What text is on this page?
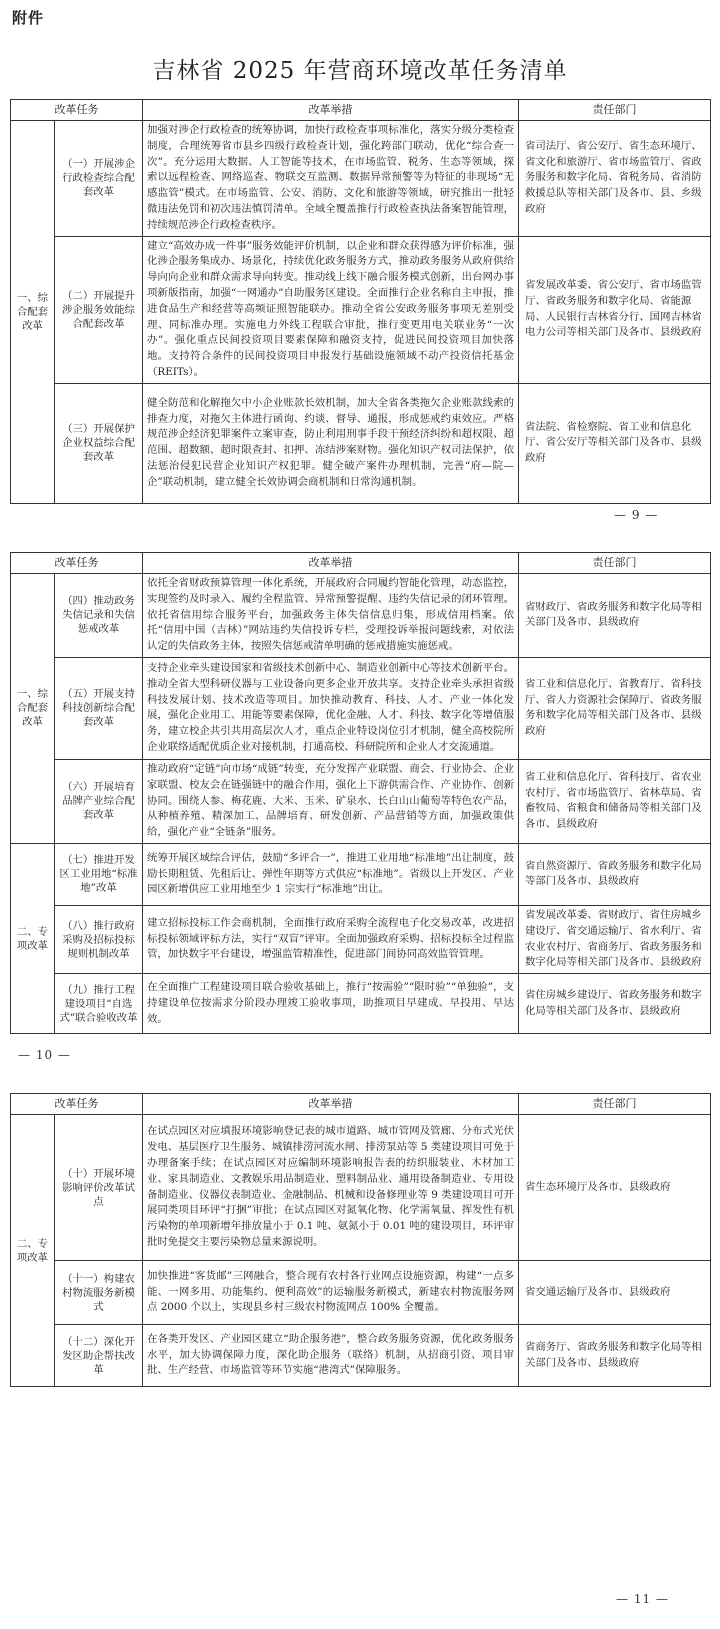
附件
吉林省 2025 年营商环境改革任务清单
改革任务		改革举措	责任部门
一、综合配套改革	（一）开展涉企行政检查综合配套改革	加强对涉企行政检查的统筹协调，加快行政检查事项标准化，落实分级分类检查制度，合理统筹省市县乡四级行政检查计划，强化跨部门联动，优化“综合查一次”。充分运用大数据、人工智能等技术，在市场监管、税务、生态等领域，探索以远程检查、网络巡查、物联交互监测、数据异常预警等为特征的非现场“无感监管”模式。在市场监管、公安、消防、文化和旅游等领域，研究推出一批轻微违法免罚和初次违法慎罚清单。全域全覆盖推行行政检查执法备案智能管理，持续规范涉企行政检查秩序。	省司法厅、省公安厅、省生态环境厅、省文化和旅游厅、省市场监管厅、省政务服务和数字化局、省税务局、省消防救援总队等相关部门及各市、县、乡级政府
	（二）开展提升涉企服务效能综合配套改革	建立“高效办成一件事”服务效能评价机制，以企业和群众获得感为评价标准，强化涉企服务集成办、场景化，持续优化政务服务方式，推动政务服务从政府供给导向向企业和群众需求导向转变。推动线上线下融合服务模式创新，出台网办事项新版指南，加强“一网通办”自助服务区建设。全面推行企业名称自主申报，推进食品生产和经营等高频证照智能联办。推动全省公安政务服务事项无差别受理、同标准办理。实施电力外线工程联合审批，推行变更用电关联业务“一次办”。强化重点民间投资项目要素保障和融资支持，促进民间投资项目加快落地。支持符合条件的民间投资项目申报发行基础设施领域不动产投资信托基金（REITs）。	省发展改革委、省公安厅、省市场监管厅、省政务服务和数字化局、省能源局、人民银行吉林省分行、国网吉林省电力公司等相关部门及各市、县级政府
	（三）开展保护企业权益综合配套改革	健全防范和化解拖欠中小企业账款长效机制，加大全省各类拖欠企业账款线索的排查力度，对拖欠主体进行函询、约谈、督导、通报，形成惩戒约束效应。严格规范涉企经济犯罪案件立案审查，防止利用刑事手段干预经济纠纷和超权限、超范围、超数额、超时限查封、扣押、冻结涉案财物。强化知识产权司法保护，依法惩治侵犯民营企业知识产权犯罪。健全破产案件办理机制，完善“府—院—企”联动机制，建立健全长效协调会商机制和日常沟通机制。	省法院、省检察院、省工业和信息化厅、省公安厅等相关部门及各市、县级政府
— 9 —
改革任务		改革举措	责任部门
一、综合配套改革	（四）推动政务失信记录和失信惩戒改革	依托全省财政预算管理一体化系统，开展政府合同履约智能化管理，动态监控，实现签约及时录入、履约全程监管、异常预警提醒、违约失信记录的闭环管理。依托省信用综合服务平台，加强政务主体失信信息归集，形成信用档案。依托“信用中国（吉林）”网站违约失信投诉专栏，受理投诉举报问题线索，对依法认定的失信政务主体，按照失信惩戒清单明确的惩戒措施实施惩戒。	省财政厅、省政务服务和数字化局等相关部门及各市、县级政府
	（五）开展支持科技创新综合配套改革	支持企业牵头建设国家和省级技术创新中心、制造业创新中心等技术创新平台。推动全省大型科研仪器与工业设备向更多企业开放共享。支持企业牵头承担省级科技发展计划、技术改造等项目。加快推动教育、科技、人才、产业一体化发展，强化企业用工、用能等要素保障，优化金融、人才、科技、数字化等增值服务，建立校企共引共用高层次人才，重点企业特设岗位引才机制，健全高校院所企业联络适配优质企业对接机制，打通高校、科研院所和企业人才交流通道。	省工业和信息化厅、省教育厅、省科技厅、省人力资源社会保障厅、省政务服务和数字化局等相关部门及各市、县级政府
	（六）开展培育品牌产业综合配套改革	推动政府“定链”向市场“成链”转变，充分发挥产业联盟、商会、行业协会、企业家联盟、校友会在链强链中的融合作用，强化上下游供需合作、产业协作、创新协同。围绕人参、梅花鹿、大米、玉米、矿泉水、长白山山葡萄等特色农产品，从种植养殖、精深加工、品牌培育、研发创新、产品营销等方面，加强政策供给，强化产业“全链条”服务。	省工业和信息化厅、省科技厅、省农业农村厅、省市场监管厅、省林草局、省畜牧局、省粮食和储备局等相关部门及各市、县级政府
二、专项改革	（七）推进开发区工业用地“标准地”改革	统筹开展区域综合评估，鼓励“多评合一”，推进工业用地“标准地”出让制度，鼓励长期租赁、先租后让、弹性年期等方式供应“标准地”。省级以上开发区、产业园区新增供应工业用地至少 1 宗实行“标准地”出让。	省自然资源厅、省政务服务和数字化局等部门及各市、县级政府
	（八）推行政府采购及招标投标规则机制改革	建立招标投标工作会商机制，全面推行政府采购全流程电子化交易改革，改进招标投标领域评标方法，实行“双盲”评审。全面加强政府采购、招标投标全过程监管，加快数字平台建设，增强监管精准性，促进部门间协同高效监管管理。	省发展改革委、省财政厅、省住房城乡建设厅、省交通运输厅、省水利厅、省农业农村厅、省商务厅、省政务服务和数字化局等相关部门及各市、县级政府
	（九）推行工程建设项目“自选式”联合验收改革	在全面推广工程建设项目联合验收基础上，推行“按需验”“限时验”“单独验”，支持建设单位按需求分阶段办理竣工验收事项，助推项目早建成、早投用、早达效。	省住房城乡建设厅、省政务服务和数字化局等相关部门及各市、县级政府
— 10 —
改革任务		改革举措	责任部门
二、专项改革	（十）开展环境影响评价改革试点	在试点园区对应填报环境影响登记表的城市道路、城市管网及管廊、分布式光伏发电、基层医疗卫生服务、城镇排涝河流水闸、排涝泵站等 5 类建设项目可免于办理备案手续；在试点园区对应编制环境影响报告表的纺织服装业、木材加工业、家具制造业、文教娱乐用品制造业、塑料制品业、通用设备制造业、专用设备制造业、仪器仪表制造业、金融制品、机械和设备修理业等 9 类建设项目可开展同类项目环评“打捆”审批；在试点园区对氮氧化物、化学需氧量、挥发性有机污染物的单项新增年排放量小于 0.1 吨、氨氮小于 0.01 吨的建设项目，环评审批时免提交主要污染物总量来源说明。	省生态环境厅及各市、县级政府
	（十一）构建农村物流服务新模式	加快推进“客货邮”三网融合，整合现有农村各行业网点设施资源，构建“一点多能、一网多用、功能集约、便利高效”的运输服务新模式，新建农村物流服务网点 2000 个以上，实现县乡村三级农村物流网点 100% 全覆盖。	省交通运输厅及各市、县级政府
	（十二）深化开发区助企帮扶改革	在各类开发区、产业园区建立“助企服务港”，整合政务服务资源，优化政务服务水平，加大协调保障力度，深化助企服务（联络）机制，从招商引资、项目审批、生产经营、市场监管等环节实施“港湾式”保障服务。	省商务厅、省政务服务和数字化局等相关部门及各市、县级政府
— 11 —
